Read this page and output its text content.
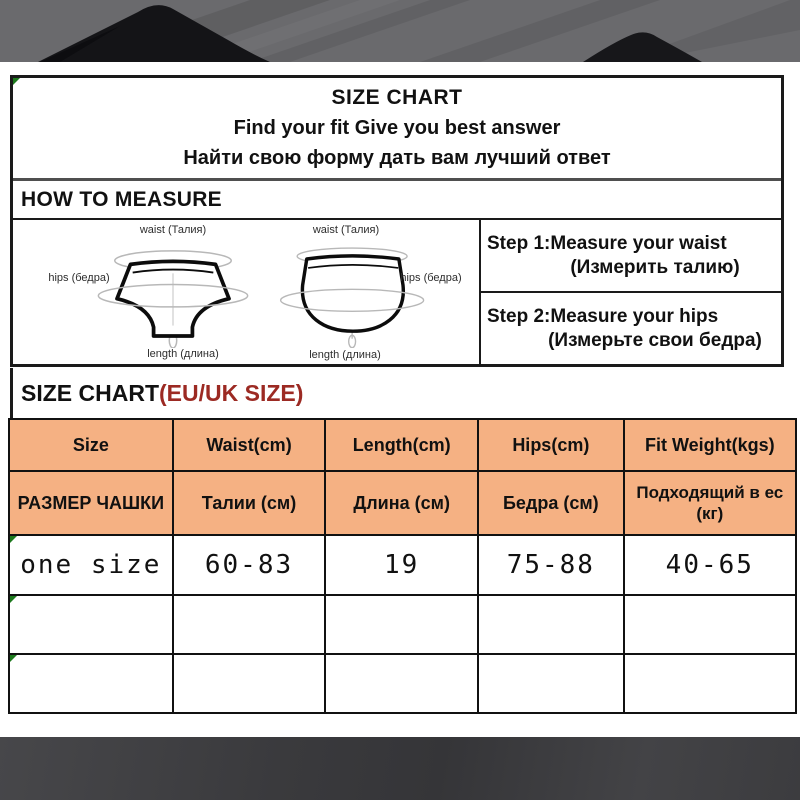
SIZE CHART
Find your fit Give you best answer
Найти свою форму дать вам лучший ответ
HOW TO MEASURE
waist (Талия)
hips (бедра)
length (длина)
waist (Талия)
hips (бедра)
length (длина)
Step 1:Measure your waist
(Измерить талию)
Step 2:Measure your hips
(Измерьте свои бедра)
SIZE CHART(EU/UK SIZE)
Size	Waist(cm)	Length(cm)	Hips(cm)	Fit Weight(kgs)
РАЗМЕР ЧАШКИ	Талии (см)	Длина (см)	Бедра (см)	Подходящий в ес (кг)
one size	60-83	19	75-88	40-65
